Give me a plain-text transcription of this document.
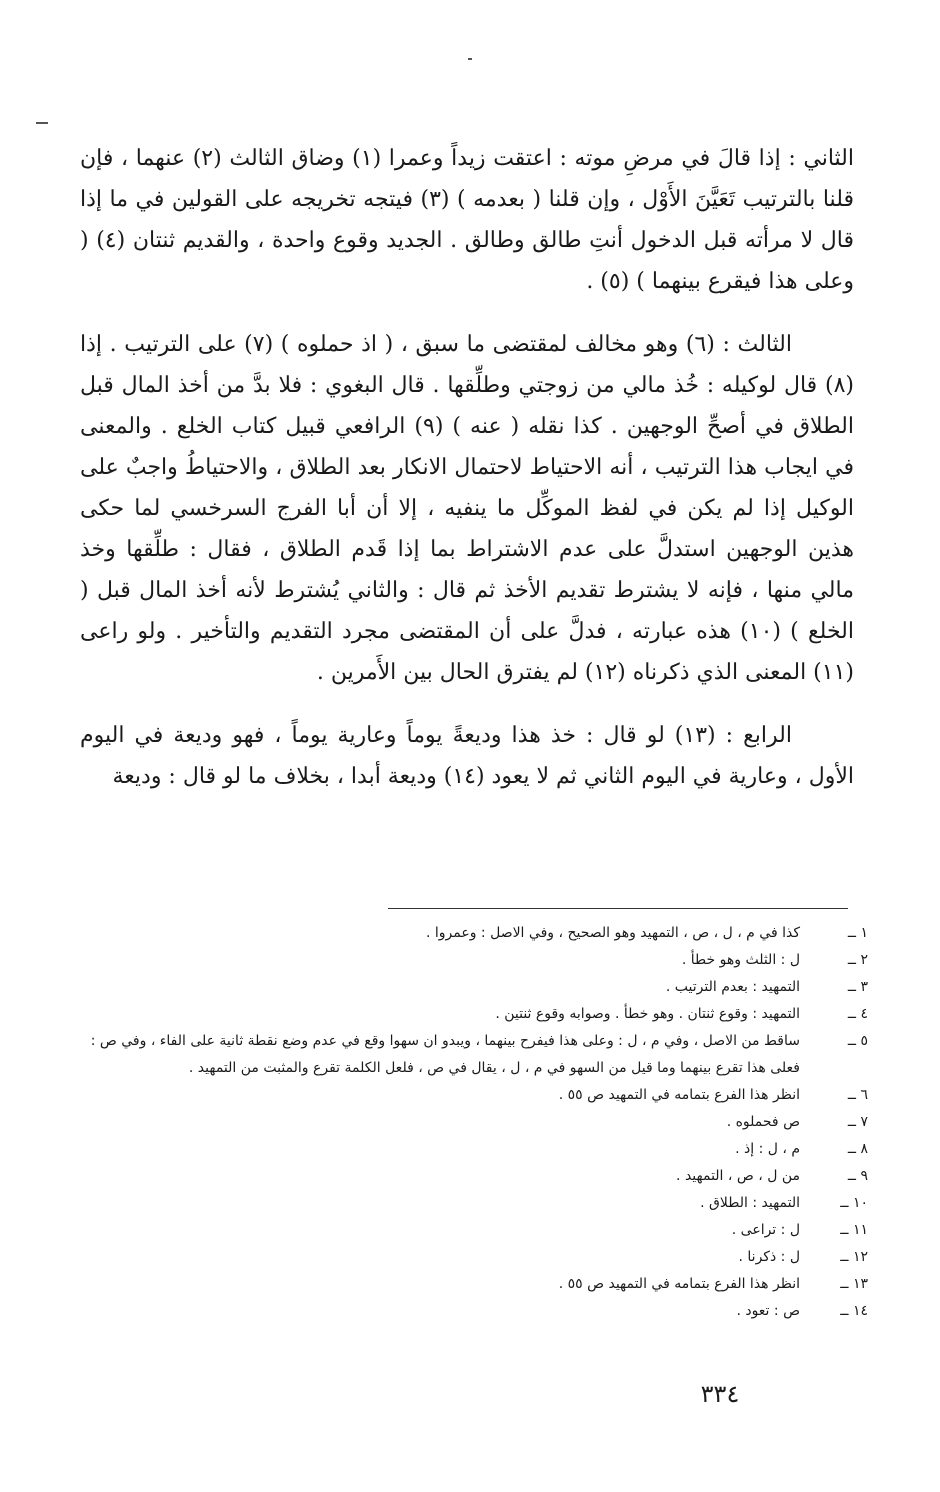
الثاني : إذا قالَ في مرضِ موته : اعتقت زيداً وعمرا (١) وضاق الثالث (٢) عنهما ، فإن قلنا بالترتيب تَعَيَّنَ الأَوْل ، وإن قلنا ( بعدمه ) (٣) فيتجه تخريجه على القولين في ما إذا قال لا مرأته قبل الدخول أنتِ طالق وطالق . الجديد وقوع واحدة ، والقديم ثنتان (٤) ( وعلى هذا فيقرع بينهما ) (٥) .

الثالث : (٦) وهو مخالف لمقتضى ما سبق ، ( اذ حملوه ) (٧) على الترتيب . إذا (٨) قال لوكيله : خُذ مالي من زوجتي وطلِّقها . قال البغوي : فلا بدَّ من أخذ المال قبل الطلاق في أصحِّ الوجهين . كذا نقله ( عنه ) (٩) الرافعي قبيل كتاب الخلع . والمعنى في ايجاب هذا الترتيب ، أنه الاحتياط لاحتمال الانكار بعد الطلاق ، والاحتياطُ واجبٌ على الوكيل إذا لم يكن في لفظ الموكِّل ما ينفيه ، إلا أن أبا الفرج السرخسي لما حكى هذين الوجهين استدلَّ على عدم الاشتراط بما إذا قَدم الطلاق ، فقال : طلِّقها وخذ مالي منها ، فإنه لا يشترط تقديم الأخذ ثم قال : والثاني يُشترط لأنه أخذ المال قبل ( الخلع ) (١٠) هذه عبارته ، فدلَّ على أن المقتضى مجرد التقديم والتأخير . ولو راعى (١١) المعنى الذي ذكرناه (١٢) لم يفترق الحال بين الأَمرين .

الرابع : (١٣) لو قال : خذ هذا وديعةً يوماً وعارية يوماً ، فهو وديعة في اليوم الأول ، وعارية في اليوم الثاني ثم لا يعود (١٤) وديعة أبدا ، بخلاف ما لو قال : وديعة

١ ــ
كذا في م ، ل ، ص ، التمهيد وهو الصحيح ، وفي الاصل : وعمروا .
٢ ــ
ل : الثلث وهو خطأ .
٣ ــ
التمهيد : بعدم الترتيب .
٤ ــ
التمهيد : وقوع ثنتان . وهو خطأ . وصوابه وقوع ثنتين .
٥ ــ
ساقط من الاصل ، وفي م ، ل : وعلى هذا فيفرح بينهما ، ويبدو ان سهوا وقع في عدم وضع نقطة ثانية على الفاء ، وفي ص : فعلى هذا تقرع بينهما وما قيل من السهو في م ، ل ، يقال في ص ، فلعل الكلمة تقرع والمثبت من التمهيد .
٦ ــ
انظر هذا الفرع بتمامه في التمهيد ص ٥٥ .
٧ ــ
ص فحملوه .
٨ ــ
م ، ل : إذ .
٩ ــ
من ل ، ص ، التمهيد .
١٠ ــ
التمهيد : الطلاق .
١١ ــ
ل : تراعى .
١٢ ــ
ل : ذكرنا .
١٣ ــ
انظر هذا الفرع بتمامه في التمهيد ص ٥٥ .
١٤ ــ
ص : تعود .
٣٣٤
